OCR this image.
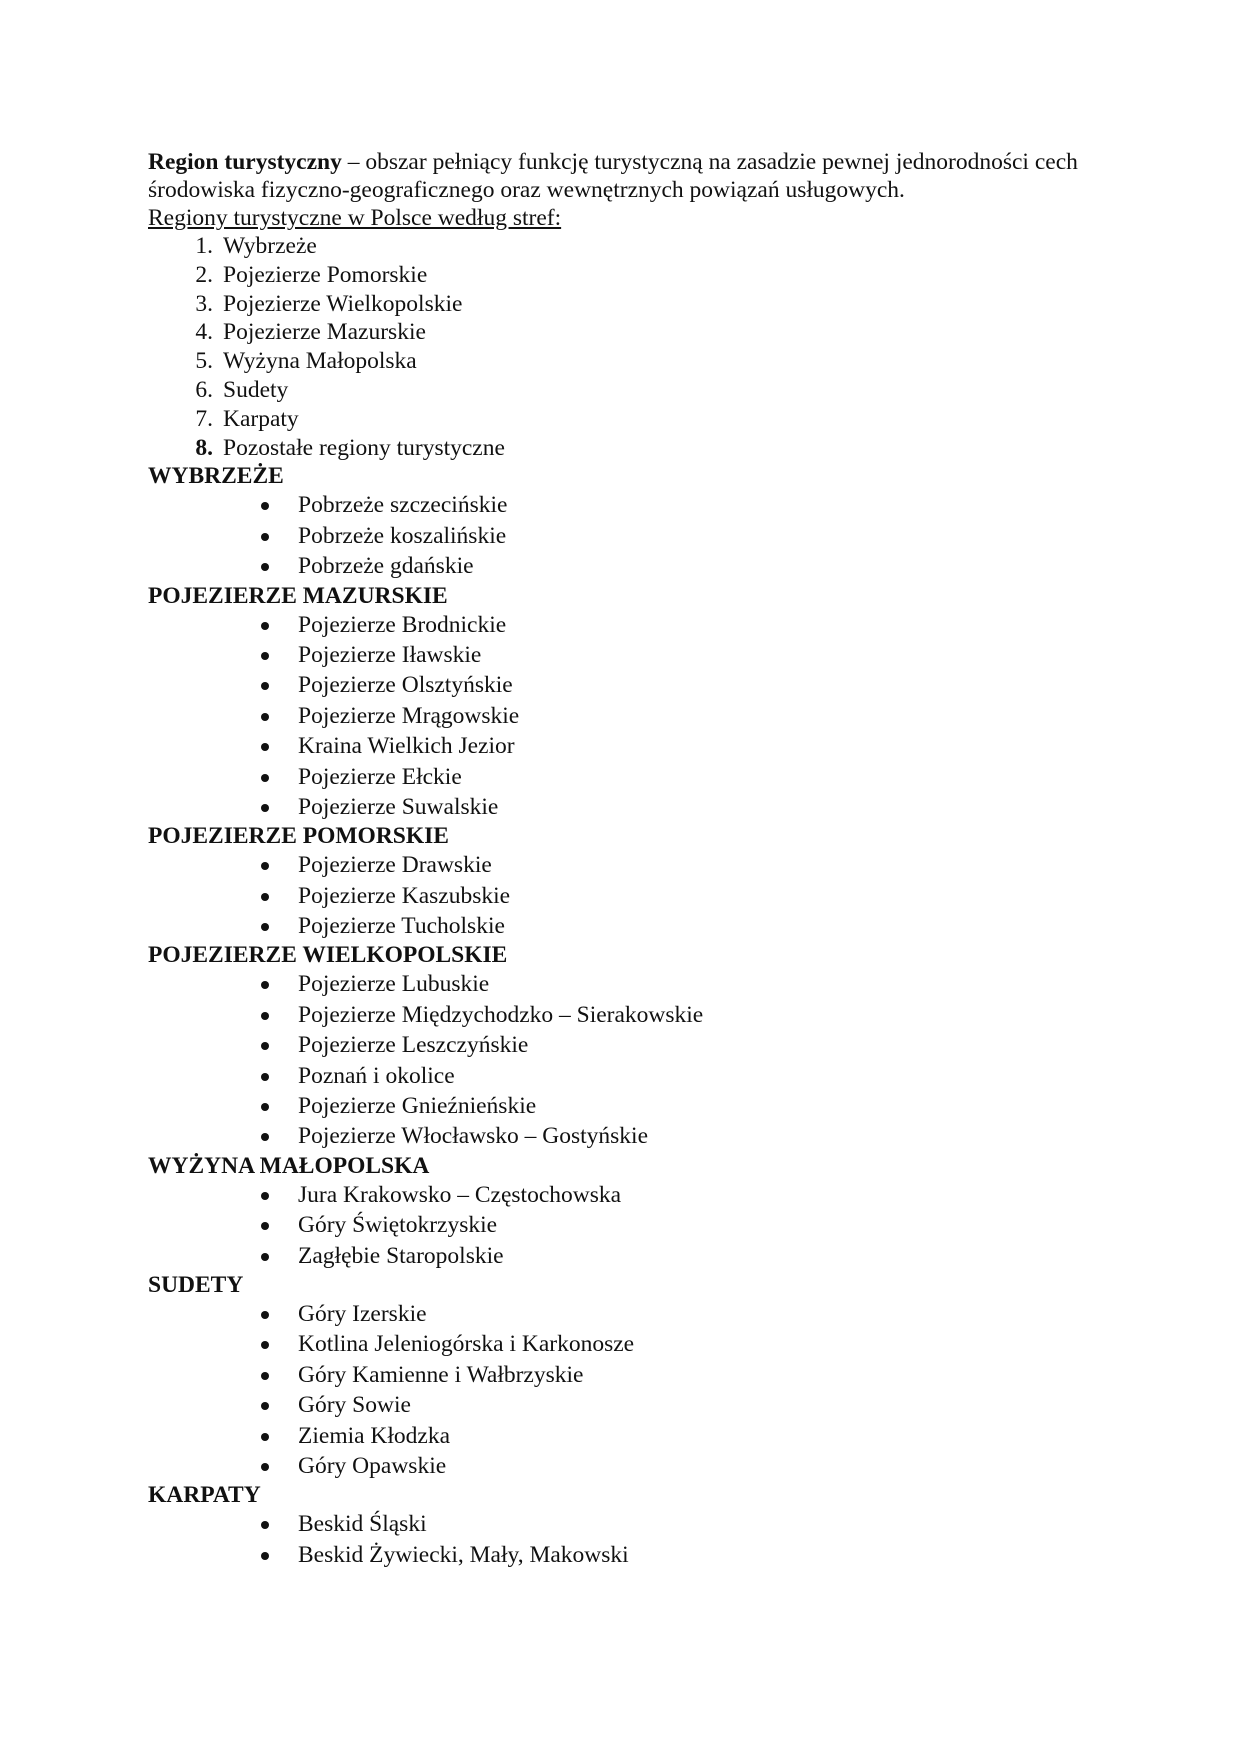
Region turystyczny – obszar pełniący funkcję turystyczną na zasadzie pewnej jednorodności cech środowiska fizyczno-geograficznego oraz wewnętrznych powiązań usługowych.

Regiony turystyczne w Polsce według stref:

1. Wybrzeże
2. Pojezierze Pomorskie
3. Pojezierze Wielkopolskie
4. Pojezierze Mazurskie
5. Wyżyna Małopolska
6. Sudety
7. Karpaty
8. Pozostałe regiony turystyczne
WYBRZEŻE
Pobrzeże szczecińskie
Pobrzeże koszalińskie
Pobrzeże gdańskie
POJEZIERZE MAZURSKIE
Pojezierze Brodnickie
Pojezierze Iławskie
Pojezierze Olsztyńskie
Pojezierze Mrągowskie
Kraina Wielkich Jezior
Pojezierze Ełckie
Pojezierze Suwalskie
POJEZIERZE POMORSKIE
Pojezierze Drawskie
Pojezierze Kaszubskie
Pojezierze Tucholskie
POJEZIERZE WIELKOPOLSKIE
Pojezierze Lubuskie
Pojezierze Międzychodzko – Sierakowskie
Pojezierze Leszczyńskie
Poznań i okolice
Pojezierze Gnieźnieńskie
Pojezierze Włocławsko – Gostyńskie
WYŻYNA MAŁOPOLSKA
Jura Krakowsko – Częstochowska
Góry Świętokrzyskie
Zagłębie Staropolskie
SUDETY
Góry Izerskie
Kotlina Jeleniogórska i Karkonosze
Góry Kamienne i Wałbrzyskie
Góry Sowie
Ziemia Kłodzka
Góry Opawskie
KARPATY
Beskid Śląski
Beskid Żywiecki, Mały, Makowski
